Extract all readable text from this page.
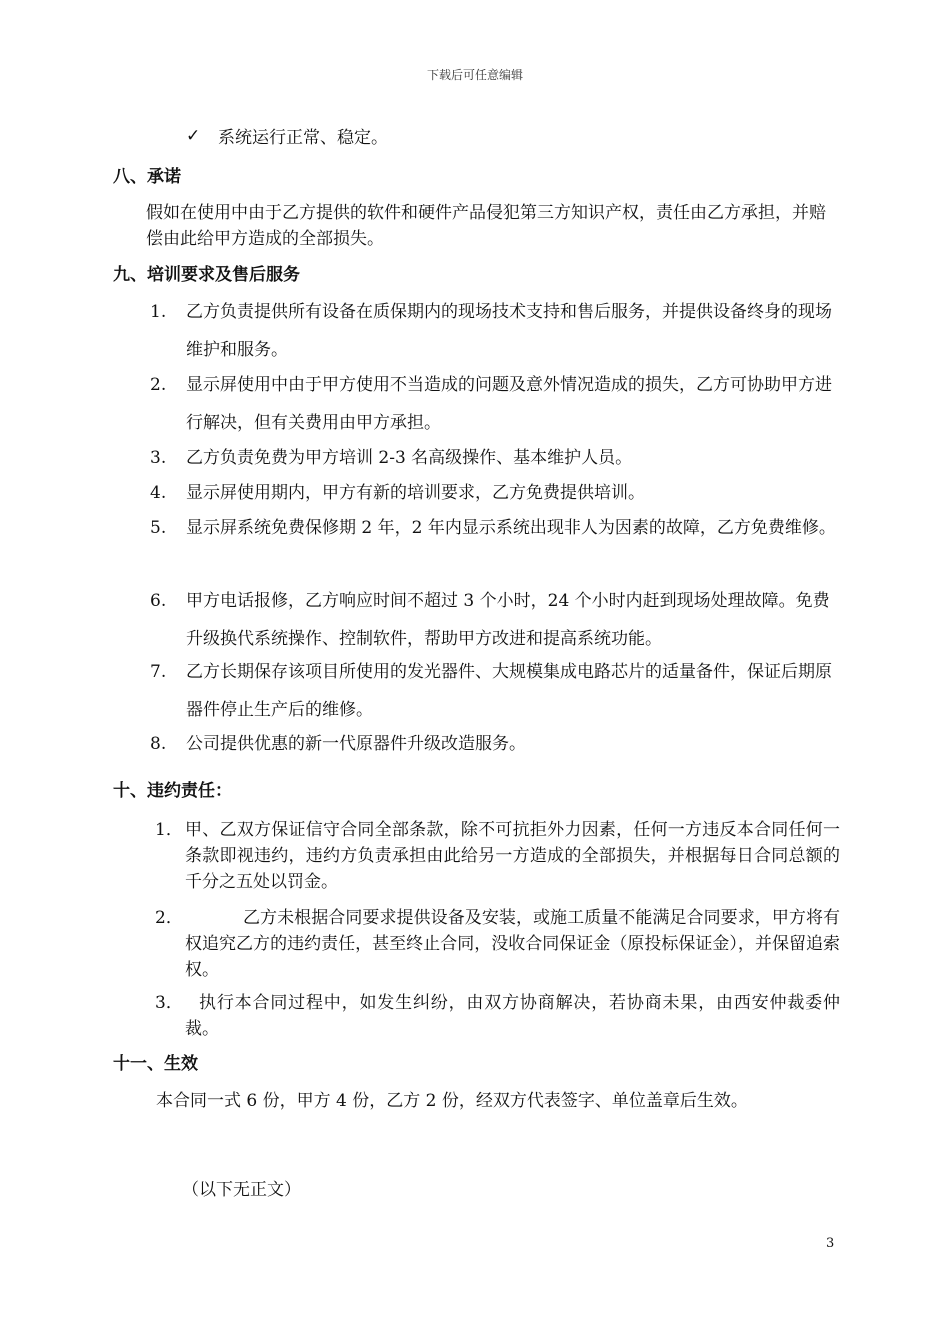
下载后可任意编辑
✓ 系统运行正常、稳定。
八、承诺
假如在使用中由于乙方提供的软件和硬件产品侵犯第三方知识产权，责任由乙方承担，并赔偿由此给甲方造成的全部损失。
九、培训要求及售后服务
1. 乙方负责提供所有设备在质保期内的现场技术支持和售后服务，并提供设备终身的现场维护和服务。
2. 显示屏使用中由于甲方使用不当造成的问题及意外情况造成的损失，乙方可协助甲方进行解决，但有关费用由甲方承担。
3. 乙方负责免费为甲方培训 2-3 名高级操作、基本维护人员。
4. 显示屏使用期内，甲方有新的培训要求，乙方免费提供培训。
5. 显示屏系统免费保修期 2 年，2 年内显示系统出现非人为因素的故障，乙方免费维修。
6. 甲方电话报修，乙方响应时间不超过 3 个小时，24 个小时内赶到现场处理故障。免费升级换代系统操作、控制软件，帮助甲方改进和提高系统功能。
7. 乙方长期保存该项目所使用的发光器件、大规模集成电路芯片的适量备件，保证后期原器件停止生产后的维修。
8. 公司提供优惠的新一代原器件升级改造服务。
十、违约责任：
1． 甲、乙双方保证信守合同全部条款，除不可抗拒外力因素，任何一方违反本合同任何一条款即视违约，违约方负责承担由此给另一方造成的全部损失，并根据每日合同总额的千分之五处以罚金。
2．	乙方未根据合同要求提供设备及安装，或施工质量不能满足合同要求，甲方将有权追究乙方的违约责任，甚至终止合同，没收合同保证金（原投标保证金），并保留追索权。
3． 执行本合同过程中，如发生纠纷，由双方协商解决，若协商未果，由西安仲裁委仲裁。
十一、生效
本合同一式 6 份，甲方 4 份，乙方 2 份，经双方代表签字、单位盖章后生效。
（以下无正文）
3
